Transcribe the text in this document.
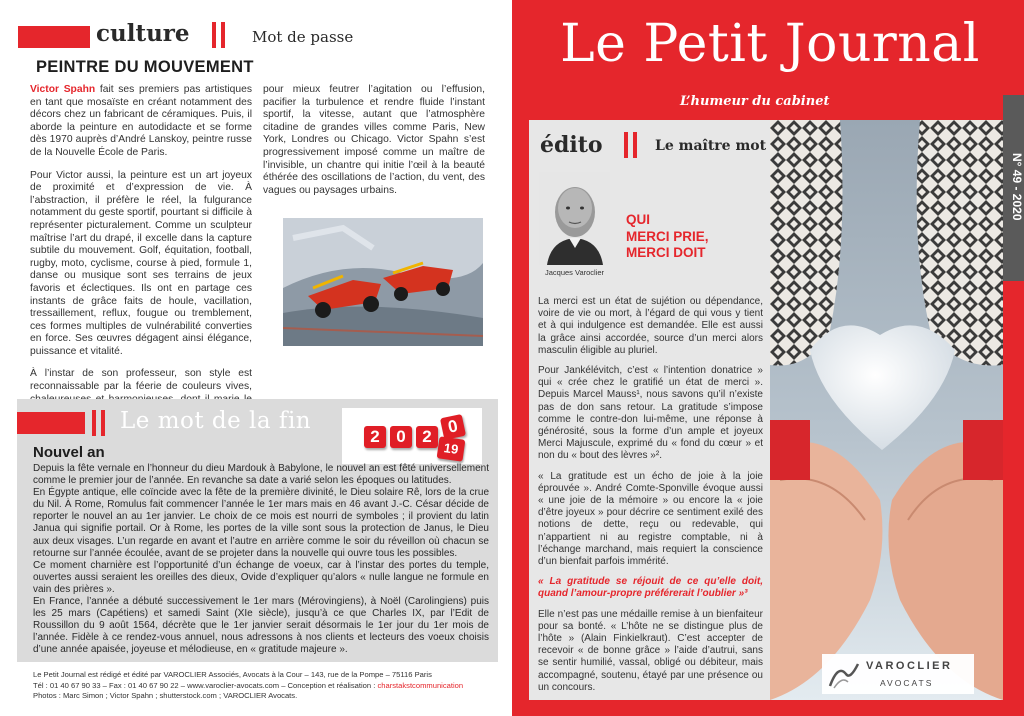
culture	Mot de passe
PEINTRE DU MOUVEMENT

Victor Spahn fait ses premiers pas artistiques en tant que mosaïste en créant notamment des décors chez un fabricant de céramiques. Puis, il aborde la peinture en autodidacte et se forme dès 1970 auprès d’André Lanskoy, peintre russe de la Nouvelle École de Paris.

Pour Victor aussi, la peinture est un art joyeux de proximité et d’expression de vie. À l’abstraction, il préfère le réel, la fulgurance notamment du geste sportif, pourtant si difficile à représenter picturalement. Comme un sculpteur maîtrise l’art du drapé, il excelle dans la capture subtile du mouvement. Golf, équitation, football, rugby, moto, cyclisme, course à pied, formule 1, danse ou musique sont ses terrains de jeux favoris et éclectiques. Ils ont en partage ces instants de grâce faits de houle, vacillation, tressaillement, reflux, fougue ou tremblement, ces formes multiples de vulnérabilité converties en force. Ses œuvres dégagent ainsi élégance, puissance et vitalité.

À l’instar de son professeur, son style est reconnaissable par la féerie de couleurs vives,

pour mieux feutrer l’agitation ou l’effusion, pacifier la turbulence et rendre fluide l’instant sportif, la vitesse, autant que l’atmosphère citadine de grandes villes comme Paris, New York, Londres ou Chicago. Victor Spahn s’est progressivement imposé comme un maître de l’invisible, un chantre qui initie l’œil à la beauté éthérée des oscillations de l’action, du vent, des vagues ou paysages urbains.

Le mot de la fin
2 0 2 0
19
Nouvel an

Depuis la fête vernale en l’honneur du dieu Mardouk à Babylone, le nouvel an est fêté universellement comme le premier jour de l’année. En revanche sa date a varié selon les époques ou latitudes.

En Égypte antique, elle coïncide avec la fête de la première divinité, le Dieu solaire Rê, lors de la crue du Nil. À Rome, Romulus fait commencer l’année le 1er mars mais en 46 avant J.-C. César décide de reporter le nouvel an au 1er janvier. Le choix de ce mois est nourri de symboles ; il provient du latin Janua qui signifie portail. Or à Rome, les portes de la ville sont sous la protection de Janus, le Dieu aux deux visages. L’un regarde en avant et l’autre en arrière comme le soir du réveillon où chacun se retourne sur l’année écoulée, avant de se projeter dans la nouvelle qui ouvre tous les possibles.

Ce moment charnière est l’opportunité d’un échange de voeux, car à l’instar des portes du temple, ouvertes aussi seraient les oreilles des dieux, Ovide d’expliquer qu’alors « nulle langue ne formule en vain des prières ».

En France, l’année a débuté successivement le 1er mars (Mérovingiens), à Noël (Carolingiens) puis les 25 mars (Capétiens) et samedi Saint (XIe siècle), jusqu’à ce que Charles IX, par l’Edit de Roussillon du 9 août 1564, décrète que le 1er janvier serait désormais le 1er jour du 1er mois de l’année. Fidèle à ce rendez-vous annuel, nous adressons à nos clients et lecteurs des voeux choisis d’une année apaisée, joyeuse et mélodieuse, en « gratitude majeure ».

Le Petit Journal est rédigé et édité par VAROCLIER Associés, Avocats à la Cour – 143, rue de la Pompe – 75116 Paris
Tél : 01 40 67 90 33 – Fax : 01 40 67 90 22 – www.varoclier-avocats.com – Conception et réalisation : charstakstcommunication
Photos : Marc Simon ; Victor Spahn ; shutterstock.com ; VAROCLIER Avocats.
Le Petit Journal
L’humeur du cabinet
N° 49 - 2020
édito	Le maître mot
Jacques Varoclier
QUI
MERCI PRIE,
MERCI DOIT

La merci est un état de sujétion ou dépendance, voire de vie ou mort, à l’égard de qui vous y tient et à qui indulgence est demandée. Elle est aussi la grâce ainsi accordée, source d’un merci alors masculin éligible au pluriel.

Pour Jankélévitch, c’est « l’intention donatrice » qui « crée chez le gratifié un état de merci ». Depuis Marcel Mauss¹, nous savons qu’il n’existe pas de don sans retour. La gratitude s’impose comme le contre-don lui-même, une réponse à générosité, sous la forme d’un ample et joyeux Merci Majuscule, exprimé du « fond du cœur » et non du « bout des lèvres »².

« La gratitude est un écho de joie à la joie éprouvée ». André Comte-Sponville évoque aussi « une joie de la mémoire » ou encore la « joie d’être joyeux » pour décrire ce sentiment exilé des notions de dette, reçu ou redevable, qui n’appartient ni au registre comptable, ni à l’échange marchand, mais requiert la conscience d’un bienfait parfois immérité.

« La gratitude se réjouit de ce qu’elle doit, quand l’amour-propre préférerait l’oublier »³

Elle n’est pas une médaille remise à un bienfaiteur pour sa bonté. « L’hôte ne se distingue plus de l’hôte » (Alain Finkielkraut). C’est accepter de recevoir « de bonne grâce » l’aide d’autrui, sans se sentir humilié, vassal, obligé ou débiteur, mais accompagné, soutenu, étayé par une présence ou un concours.

VAROCLIER
AVOCATS
